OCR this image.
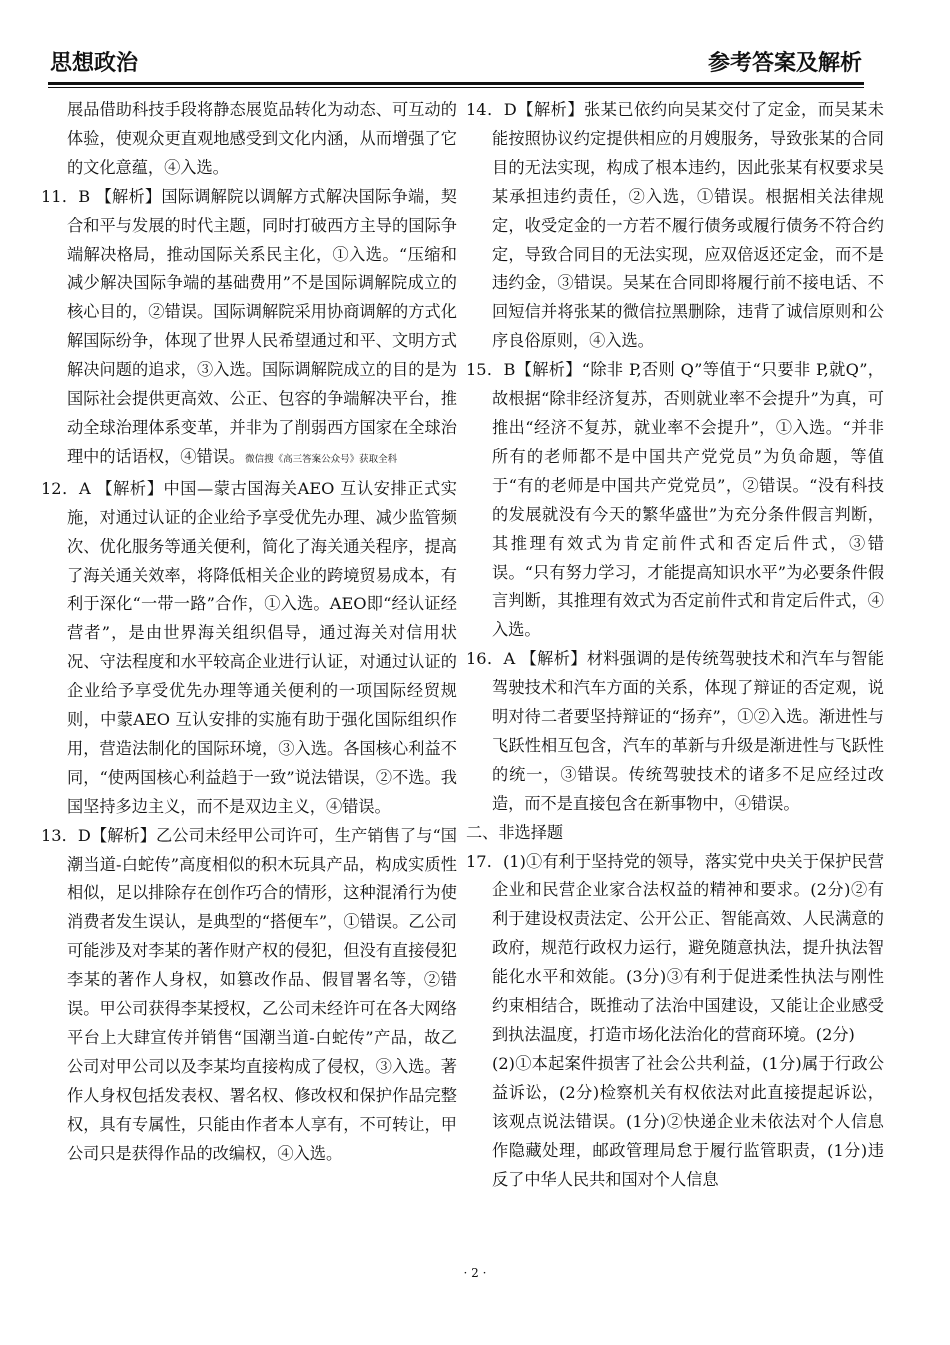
思想政治	参考答案及解析
展品借助科技手段将静态展览品转化为动态、可互动的体验，使观众更直观地感受到文化内涵，从而增强了它的文化意蕴，④入选。
11．B 【解析】国际调解院以调解方式解决国际争端，契合和平与发展的时代主题，同时打破西方主导的国际争端解决格局，推动国际关系民主化，①入选。“压缩和减少解决国际争端的基础费用”不是国际调解院成立的核心目的，②错误。国际调解院采用协商调解的方式化解国际纷争，体现了世界人民希望通过和平、文明方式解决问题的追求，③入选。国际调解院成立的目的是为国际社会提供更高效、公正、包容的争端解决平台，推动全球治理体系变革，并非为了削弱西方国家在全球治理中的话语权，④错误。微信搜《高三答案公众号》获取全科
12．A 【解析】中国—蒙古国海关AEO 互认安排正式实施，对通过认证的企业给予享受优先办理、减少监管频次、优化服务等通关便利，简化了海关通关程序，提高了海关通关效率，将降低相关企业的跨境贸易成本，有利于深化“一带一路”合作，①入选。AEO即“经认证经营者”，是由世界海关组织倡导，通过海关对信用状况、守法程度和水平较高企业进行认证，对通过认证的企业给予享受优先办理等通关便利的一项国际经贸规则，中蒙AEO 互认安排的实施有助于强化国际组织作用，营造法制化的国际环境，③入选。各国核心利益不同，“使两国核心利益趋于一致”说法错误，②不选。我国坚持多边主义，而不是双边主义，④错误。
13．D【解析】乙公司未经甲公司许可，生产销售了与“国潮当道-白蛇传”高度相似的积木玩具产品，构成实质性相似，足以排除存在创作巧合的情形，这种混淆行为使消费者发生误认，是典型的“搭便车”，①错误。乙公司可能涉及对李某的著作财产权的侵犯，但没有直接侵犯李某的著作人身权，如篡改作品、假冒署名等，②错误。甲公司获得李某授权，乙公司未经许可在各大网络平台上大肆宣传并销售“国潮当道-白蛇传”产品，故乙公司对甲公司以及李某均直接构成了侵权，③入选。著作人身权包括发表权、署名权、修改权和保护作品完整权，具有专属性，只能由作者本人享有，不可转让，甲公司只是获得作品的改编权，④入选。
14．D【解析】张某已依约向吴某交付了定金，而吴某未能按照协议约定提供相应的月嫂服务，导致张某的合同目的无法实现，构成了根本违约，因此张某有权要求吴某承担违约责任，②入选，①错误。根据相关法律规定，收受定金的一方若不履行债务或履行债务不符合约定，导致合同目的无法实现，应双倍返还定金，而不是违约金，③错误。吴某在合同即将履行前不接电话、不回短信并将张某的微信拉黑删除，违背了诚信原则和公序良俗原则，④入选。
15．B【解析】“除非 P,否则 Q”等值于“只要非 P,就Q”，故根据“除非经济复苏，否则就业率不会提升”为真，可推出“经济不复苏，就业率不会提升”，①入选。“并非所有的老师都不是中国共产党党员”为负命题，等值于“有的老师是中国共产党党员”，②错误。“没有科技的发展就没有今天的繁华盛世”为充分条件假言判断，其推理有效式为肯定前件式和否定后件式，③错误。“只有努力学习，才能提高知识水平”为必要条件假言判断，其推理有效式为否定前件式和肯定后件式，④入选。
16．A 【解析】材料强调的是传统驾驶技术和汽车与智能驾驶技术和汽车方面的关系，体现了辩证的否定观，说明对待二者要坚持辩证的“扬弃”，①②入选。渐进性与飞跃性相互包含，汽车的革新与升级是渐进性与飞跃性的统一，③错误。传统驾驶技术的诸多不足应经过改造，而不是直接包含在新事物中，④错误。
二、非选择题
17．(1)①有利于坚持党的领导，落实党中央关于保护民营企业和民营企业家合法权益的精神和要求。(2分)②有利于建设权责法定、公开公正、智能高效、人民满意的政府，规范行政权力运行，避免随意执法，提升执法智能化水平和效能。(3分)③有利于促进柔性执法与刚性约束相结合，既推动了法治中国建设，又能让企业感受到执法温度，打造市场化法治化的营商环境。(2分)
(2)①本起案件损害了社会公共利益，(1分)属于行政公益诉讼，(2分)检察机关有权依法对此直接提起诉讼，该观点说法错误。(1分)②快递企业未依法对个人信息作隐藏处理，邮政管理局怠于履行监管职责，(1分)违反了中华人民共和国对个人信息
· 2 ·
